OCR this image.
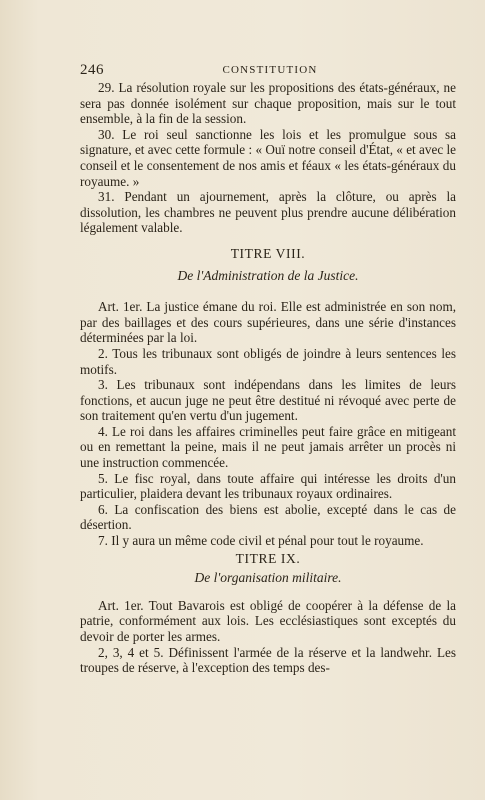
246	CONSTITUTION

29. La résolution royale sur les propositions des états-généraux, ne sera pas donnée isolément sur chaque proposition, mais sur le tout ensemble, à la fin de la session.

30. Le roi seul sanctionne les lois et les promulgue sous sa signature, et avec cette formule : « Ouï notre conseil d'État, « et avec le conseil et le consentement de nos amis et féaux « les états-généraux du royaume. »

31. Pendant un ajournement, après la clôture, ou après la dissolution, les chambres ne peuvent plus prendre aucune délibération légalement valable.

TITRE VIII.
De l'Administration de la Justice.

Art. 1er. La justice émane du roi. Elle est administrée en son nom, par des baillages et des cours supérieures, dans une série d'instances déterminées par la loi.

2. Tous les tribunaux sont obligés de joindre à leurs sentences les motifs.

3. Les tribunaux sont indépendans dans les limites de leurs fonctions, et aucun juge ne peut être destitué ni révoqué avec perte de son traitement qu'en vertu d'un jugement.

4. Le roi dans les affaires criminelles peut faire grâce en mitigeant ou en remettant la peine, mais il ne peut jamais arrêter un procès ni une instruction commencée.

5. Le fisc royal, dans toute affaire qui intéresse les droits d'un particulier, plaidera devant les tribunaux royaux ordinaires.

6. La confiscation des biens est abolie, excepté dans le cas de désertion.

7. Il y aura un même code civil et pénal pour tout le royaume.

TITRE IX.
De l'organisation militaire.

Art. 1er. Tout Bavarois est obligé de coopérer à la défense de la patrie, conformément aux lois. Les ecclésiastiques sont exceptés du devoir de porter les armes.

2, 3, 4 et 5. Définissent l'armée de la réserve et la landwehr. Les troupes de réserve, à l'exception des temps des-
